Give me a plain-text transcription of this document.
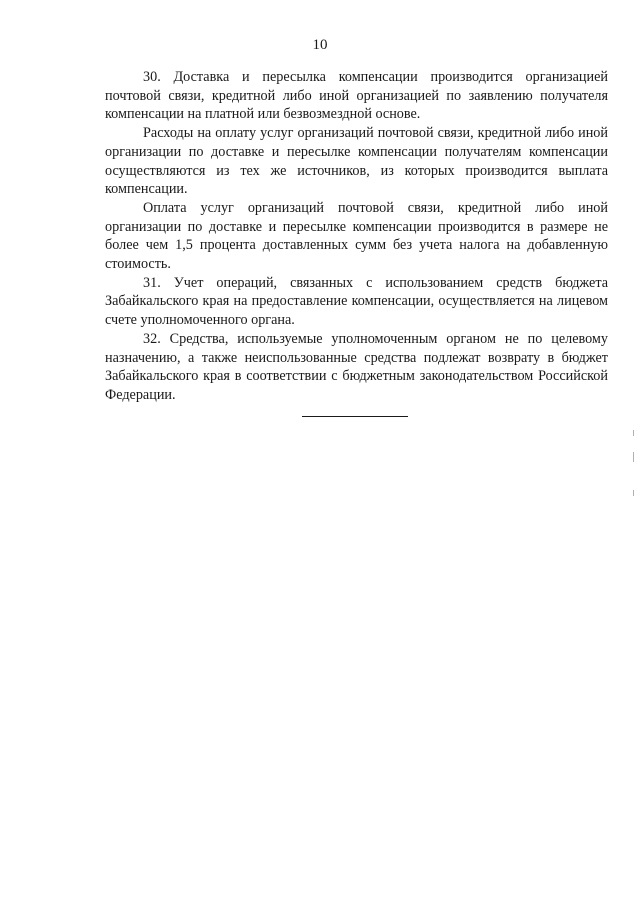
10

30. Доставка и пересылка компенсации производится организацией почтовой связи, кредитной либо иной организацией по заявлению получателя компенсации на платной или безвозмездной основе.

Расходы на оплату услуг организаций почтовой связи, кредитной либо иной организации по доставке и пересылке компенсации получателям компенсации осуществляются из тех же источников, из которых производится выплата компенсации.

Оплата услуг организаций почтовой связи, кредитной либо иной организации по доставке и пересылке компенсации производится в размере не более чем 1,5 процента доставленных сумм без учета налога на добавленную стоимость.

31. Учет операций, связанных с использованием средств бюджета Забайкальского края на предоставление компенсации, осуществляется на лицевом счете уполномоченного органа.

32. Средства, используемые уполномоченным органом не по целевому назначению, а также неиспользованные средства подлежат возврату в бюджет Забайкальского края в соответствии с бюджетным законодательством Российской Федерации.
